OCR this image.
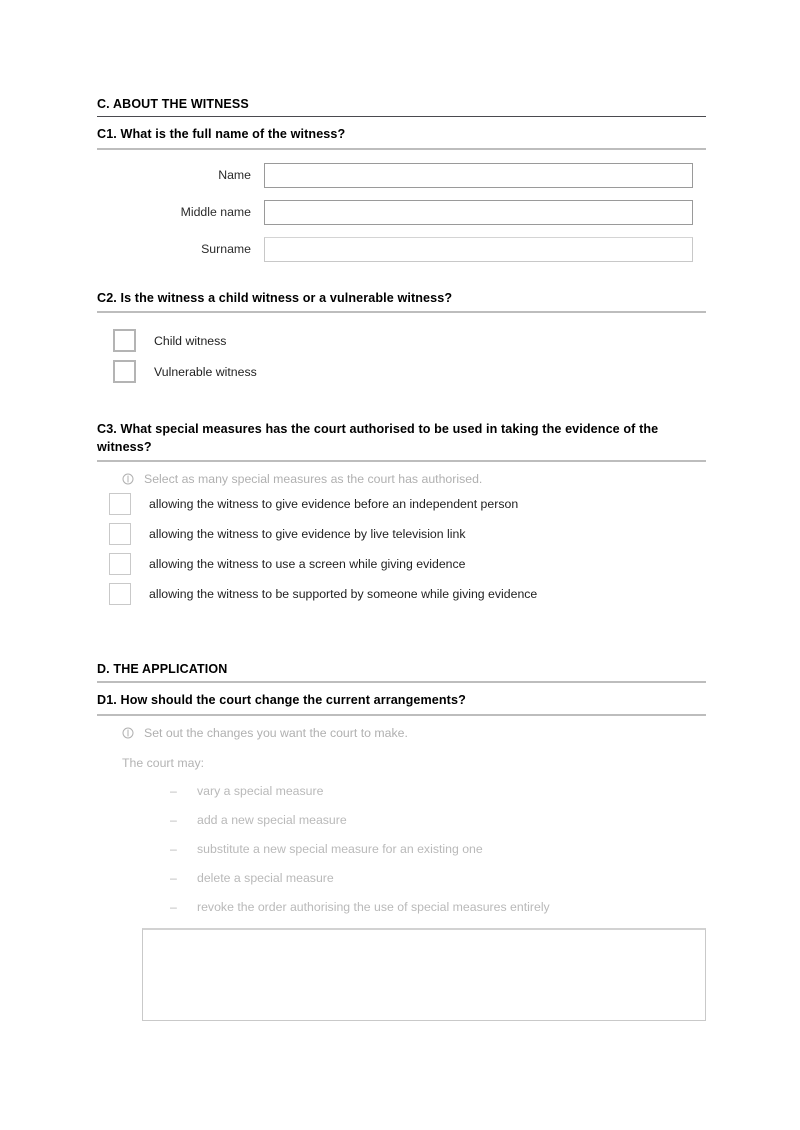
C. ABOUT THE WITNESS
C1. What is the full name of the witness?
Name
Middle name
Surname
C2. Is the witness a child witness or a vulnerable witness?
Child witness
Vulnerable witness
C3. What special measures has the court authorised to be used in taking the evidence of the witness?
Select as many special measures as the court has authorised.
allowing the witness to give evidence before an independent person
allowing the witness to give evidence by live television link
allowing the witness to use a screen while giving evidence
allowing the witness to be supported by someone while giving evidence
D. THE APPLICATION
D1. How should the court change the current arrangements?
Set out the changes you want the court to make.
The court may:
–	vary a special measure
–	add a new special measure
–	substitute a new special measure for an existing one
–	delete a special measure
–	revoke the order authorising the use of special measures entirely
